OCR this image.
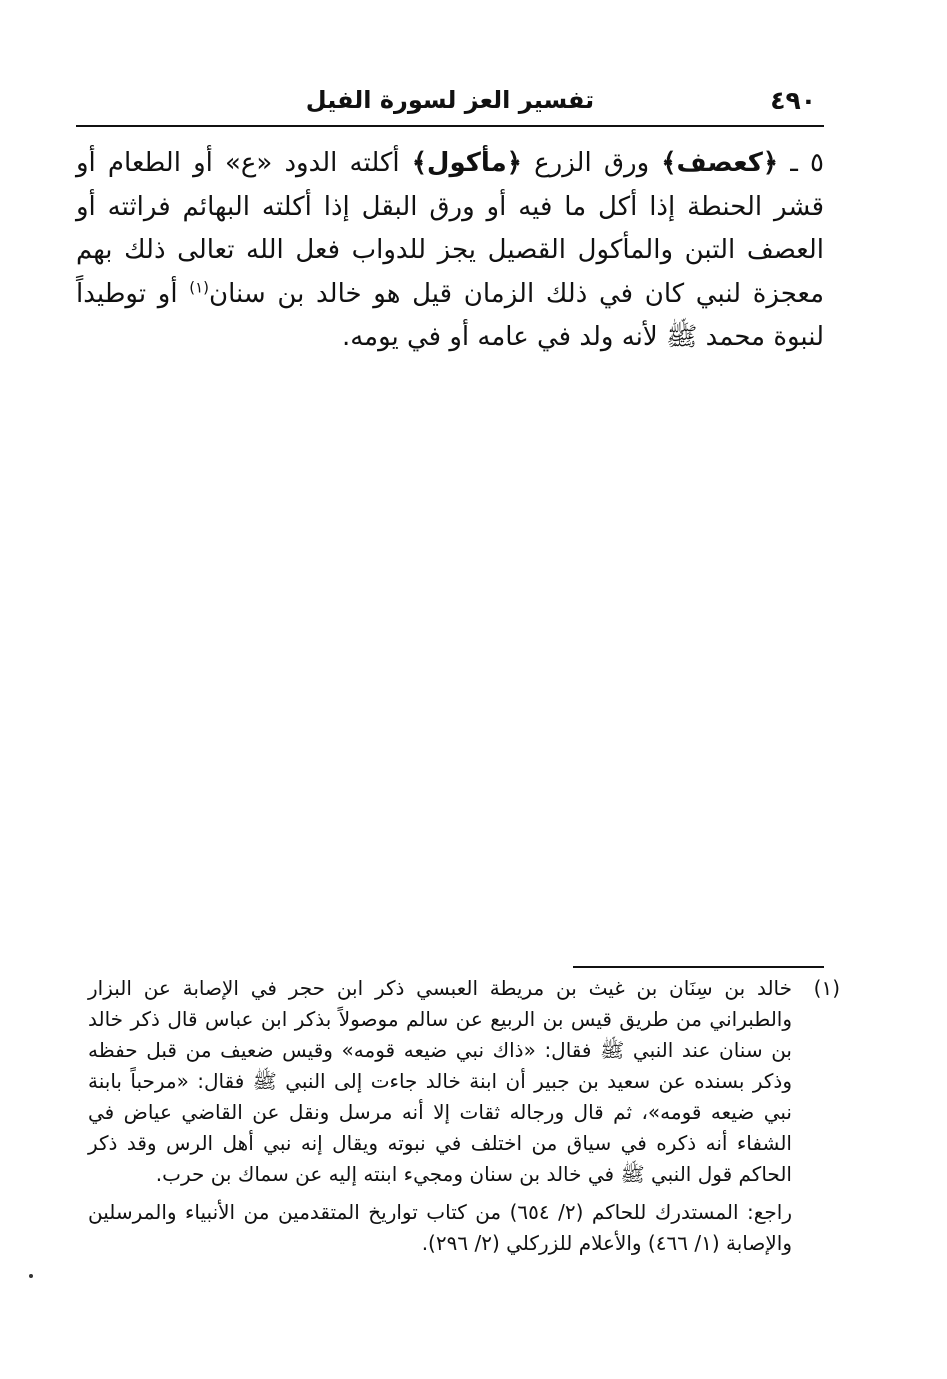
تفسير العز لسورة الفيل	٤٩٠

٥ ـ ﴿كعصف﴾ ورق الزرع ﴿مأكول﴾ أكلته الدود «ع» أو الطعام أو قشر الحنطة إذا أكل ما فيه أو ورق البقل إذا أكلته البهائم فراثته أو العصف التبن والمأكول القصيل يجز للدواب فعل الله تعالى ذلك بهم معجزة لنبي كان في ذلك الزمان قيل هو خالد بن سنان$^{(١)}$ أو توطيداً لنبوة محمد ﷺ لأنه ولد في عامه أو في يومه.

(١)

خالد بن سِنَان بن غيث بن مريطة العبسي ذكر ابن حجر في الإصابة عن البزار والطبراني من طريق قيس بن الربيع عن سالم موصولاً بذكر ابن عباس قال ذكر خالد بن سنان عند النبي ﷺ فقال: «ذاك نبي ضيعه قومه» وقيس ضعيف من قبل حفظه وذكر بسنده عن سعيد بن جبير أن ابنة خالد جاءت إلى النبي ﷺ فقال: «مرحباً بابنة نبي ضيعه قومه»، ثم قال ورجاله ثقات إلا أنه مرسل ونقل عن القاضي عياض في الشفاء أنه ذكره في سياق من اختلف في نبوته ويقال إنه نبي أهل الرس وقد ذكر الحاكم قول النبي ﷺ في خالد بن سنان ومجيء ابنته إليه عن سماك بن حرب.

راجع: المستدرك للحاكم (٢/ ٦٥٤) من كتاب تواريخ المتقدمين من الأنبياء والمرسلين والإصابة (١/ ٤٦٦) والأعلام للزركلي (٢/ ٢٩٦).
